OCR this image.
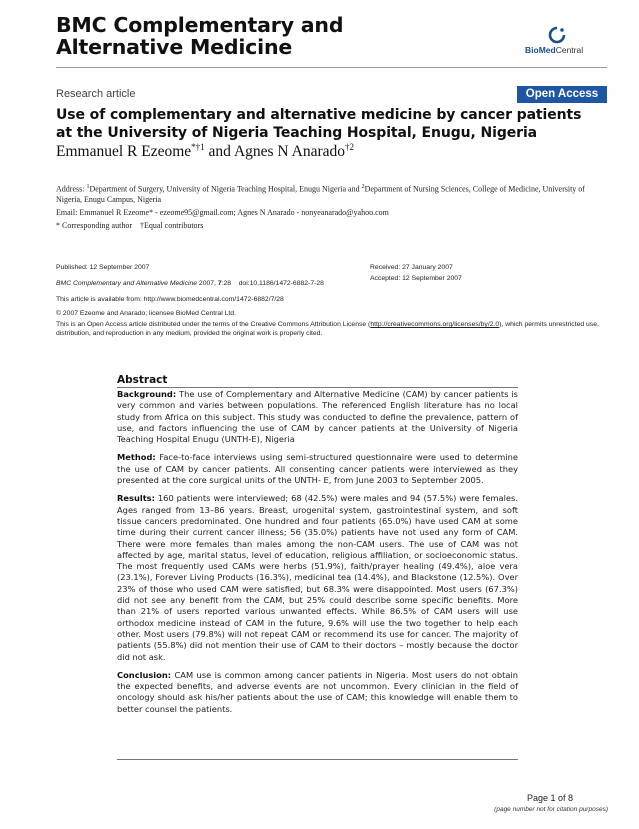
BMC Complementary and
Alternative Medicine	BioMedCentral
Research article	Open Access
Use of complementary and alternative medicine by cancer patients
at the University of Nigeria Teaching Hospital, Enugu, Nigeria
Emmanuel R Ezeome$^{*\dagger 1}$ and Agnes N Anarado$^{\dagger 2}$
Address: $^1$Department of Surgery, University of Nigeria Teaching Hospital, Enugu Nigeria and $^2$Department of Nursing Sciences, College of Medicine, University of Nigeria, Enugu Campus, Nigeria
Email: Emmanuel R Ezeome* - ezeome95@gmail.com; Agnes N Anarado - nonyeanarado@yahoo.com
* Corresponding author †Equal contributors
Published: 12 September 2007
BMC Complementary and Alternative Medicine 2007, 7:28 doi:10.1186/1472-6882-7-28
Received: 27 January 2007
Accepted: 12 September 2007
This article is available from: http://www.biomedcentral.com/1472-6882/7/28
© 2007 Ezeome and Anarado; licensee BioMed Central Ltd.
This is an Open Access article distributed under the terms of the Creative Commons Attribution License (http://creativecommons.org/licenses/by/2.0), which permits unrestricted use, distribution, and reproduction in any medium, provided the original work is properly cited.
Abstract

Background: The use of Complementary and Alternative Medicine (CAM) by cancer patients is very common and varies between populations. The referenced English literature has no local study from Africa on this subject. This study was conducted to define the prevalence, pattern of use, and factors influencing the use of CAM by cancer patients at the University of Nigeria Teaching Hospital Enugu (UNTH-E), Nigeria

Method: Face-to-face interviews using semi-structured questionnaire were used to determine the use of CAM by cancer patients. All consenting cancer patients were interviewed as they presented at the core surgical units of the UNTH- E, from June 2003 to September 2005.

Results: 160 patients were interviewed; 68 (42.5%) were males and 94 (57.5%) were females. Ages ranged from 13–86 years. Breast, urogenital system, gastrointestinal system, and soft tissue cancers predominated. One hundred and four patients (65.0%) have used CAM at some time during their current cancer illness; 56 (35.0%) patients have not used any form of CAM. There were more females than males among the non-CAM users. The use of CAM was not affected by age, marital status, level of education, religious affiliation, or socioeconomic status. The most frequently used CAMs were herbs (51.9%), faith/prayer healing (49.4%), aloe vera (23.1%), Forever Living Products (16.3%), medicinal tea (14.4%), and Blackstone (12.5%). Over 23% of those who used CAM were satisfied, but 68.3% were disappointed. Most users (67.3%) did not see any benefit from the CAM, but 25% could describe some specific benefits. More than 21% of users reported various unwanted effects. While 86.5% of CAM users will use orthodox medicine instead of CAM in the future, 9.6% will use the two together to help each other. Most users (79.8%) will not repeat CAM or recommend its use for cancer. The majority of patients (55.8%) did not mention their use of CAM to their doctors – mostly because the doctor did not ask.

Conclusion: CAM use is common among cancer patients in Nigeria. Most users do not obtain the expected benefits, and adverse events are not uncommon. Every clinician in the field of oncology should ask his/her patients about the use of CAM; this knowledge will enable them to better counsel the patients.

Page 1 of 8
(page number not for citation purposes)
